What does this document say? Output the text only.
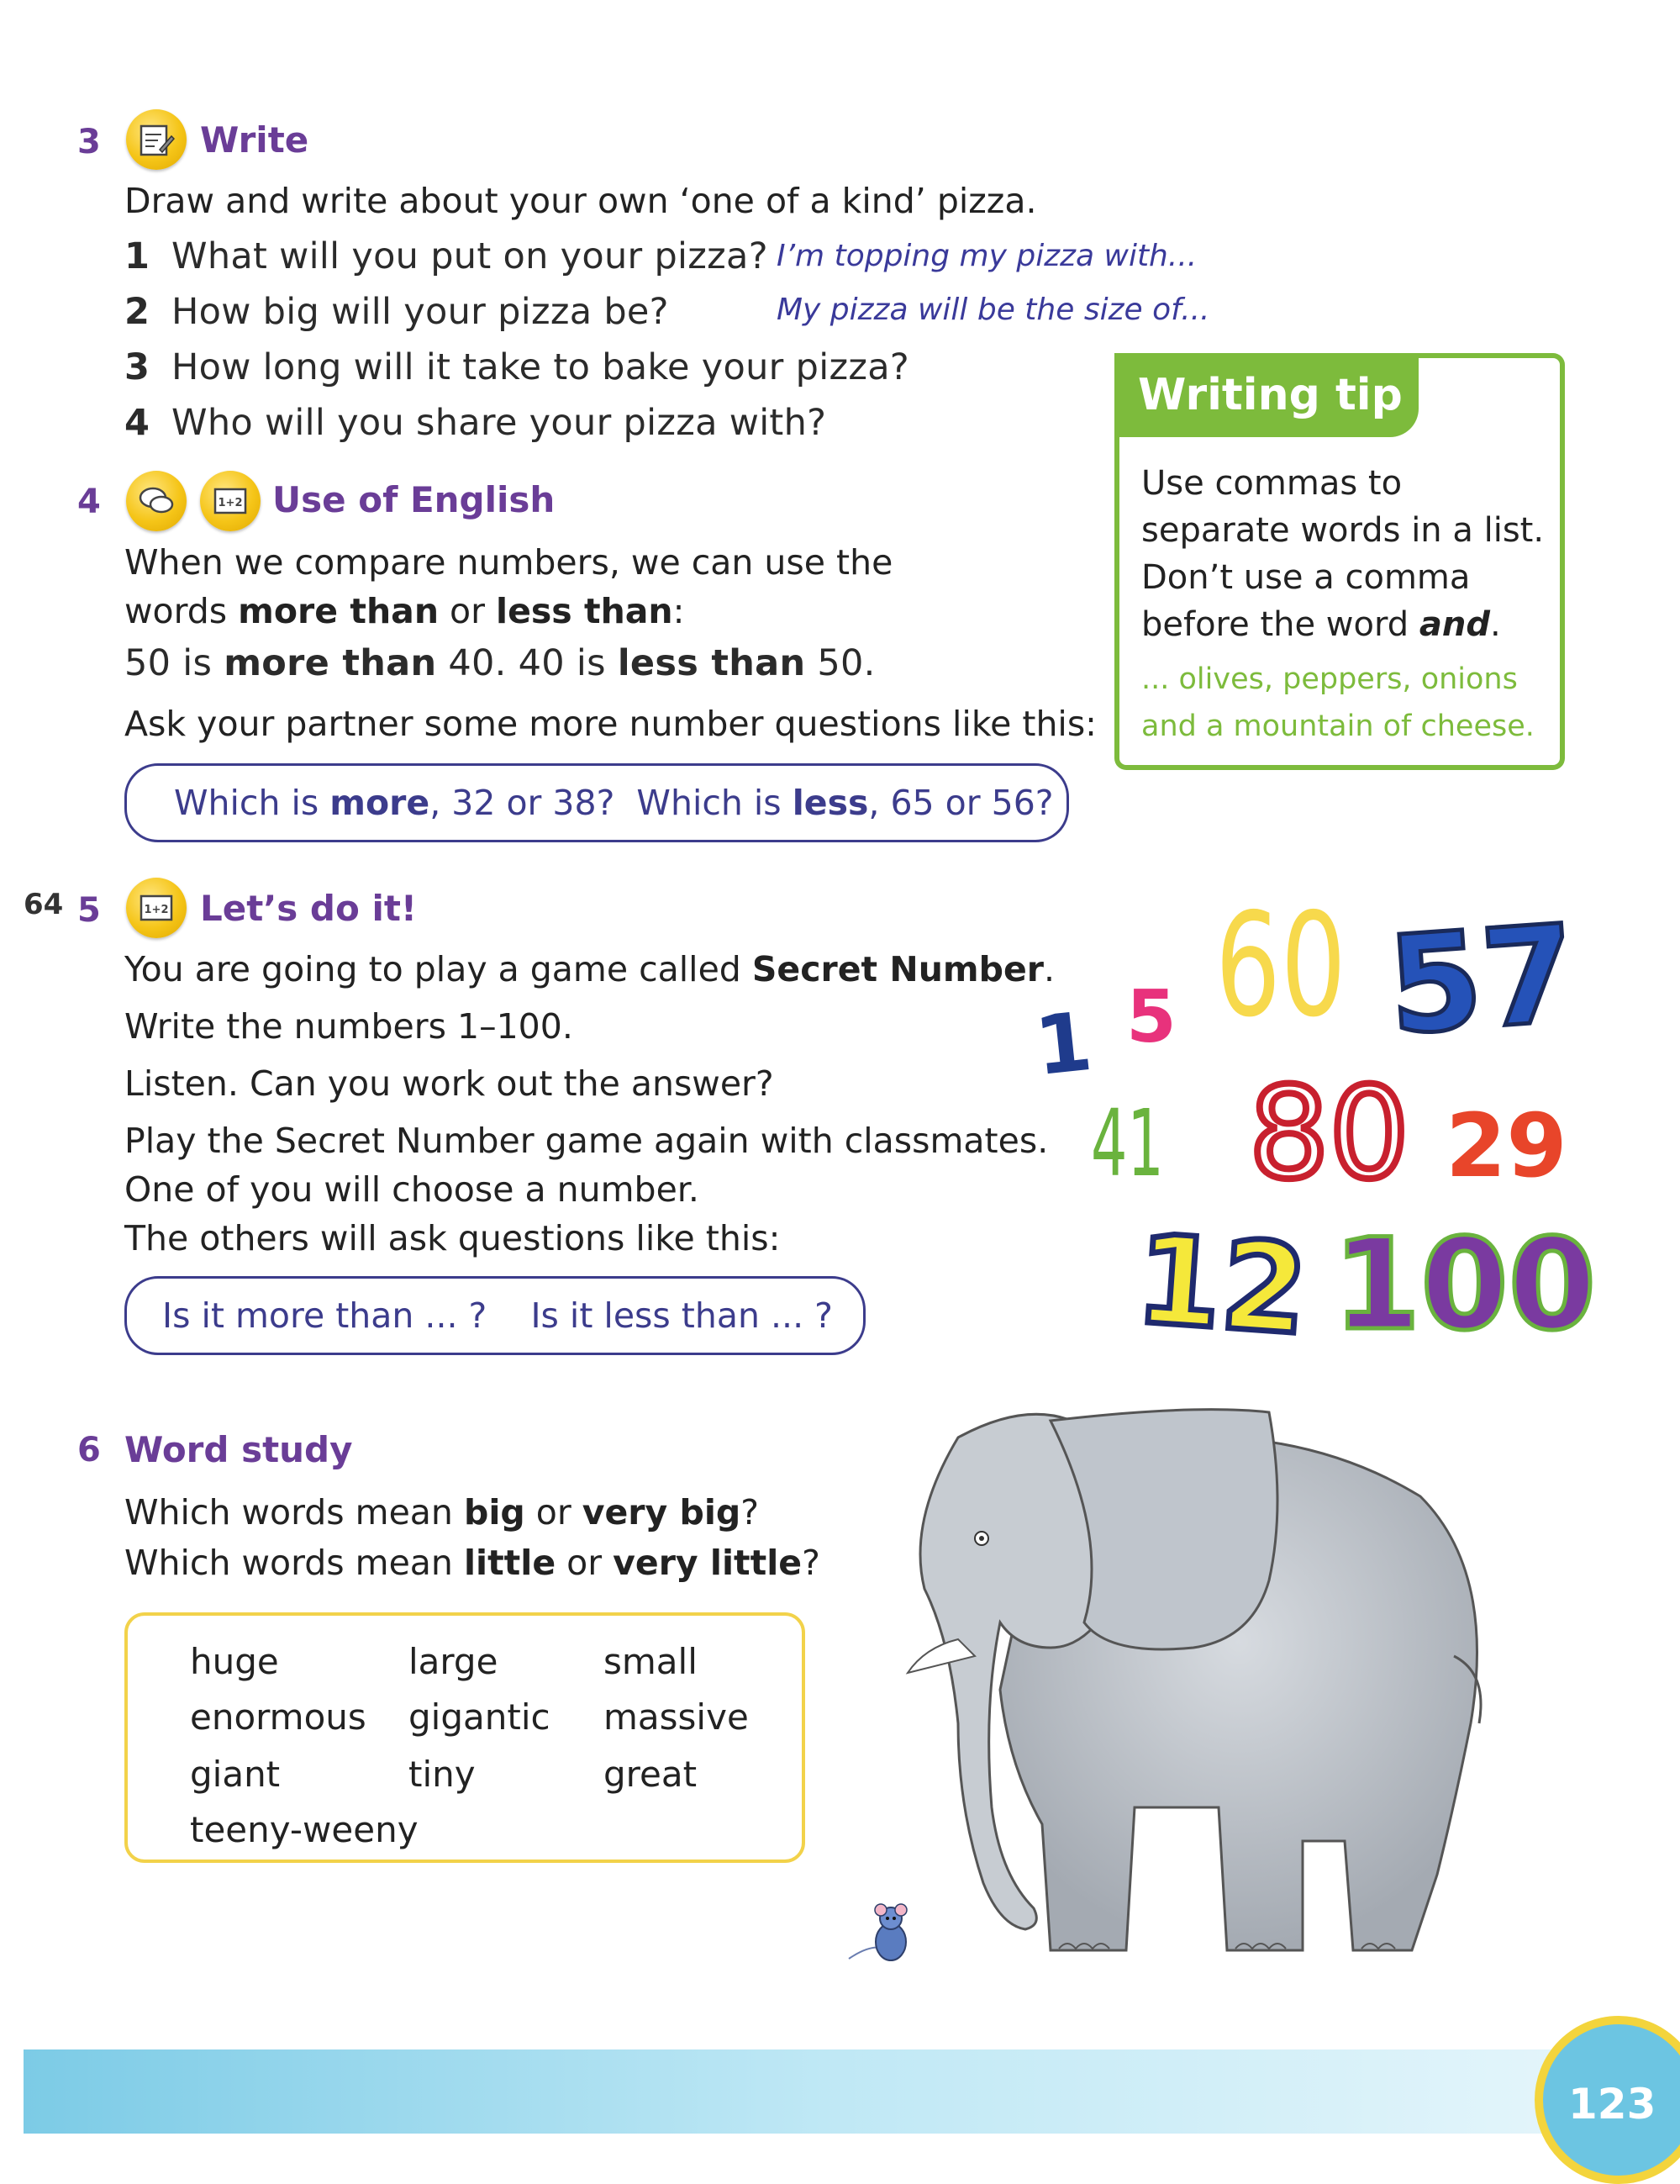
3	Write
Draw and write about your own ‘one of a kind’ pizza.
1 What will you put on your pizza? I’m topping my pizza with...
2 How big will your pizza be?	My pizza will be the size of...
3 How long will it take to bake your pizza?
4 Who will you share your pizza with?
Writing tip
Use commas to
separate words in a list.
Don’t use a comma
before the word and.
... olives, peppers, onions
and a mountain of cheese.
4	1+2 Use of English
When we compare numbers, we can use the
words more than or less than:
50 is more than 40. 40 is less than 50.
Ask your partner some more number questions like this:
Which is more , 32 or 38?  Which is less , 65 or 56?
64 5	1+2 Let’s do it!
You are going to play a game called Secret Number.
Write the numbers 1–100.
Listen. Can you work out the answer?
Play the Secret Number game again with classmates.
One of you will choose a number.
The others will ask questions like this:
Is it more than ... ?    Is it less than ... ?
1 5 60 57
41 80 29
12 100
6 Word study
Which words mean big or very big?
Which words mean little or very little?
huge	large	small
enormous gigantic massive
giant	tiny	great
teeny-weeny
123
